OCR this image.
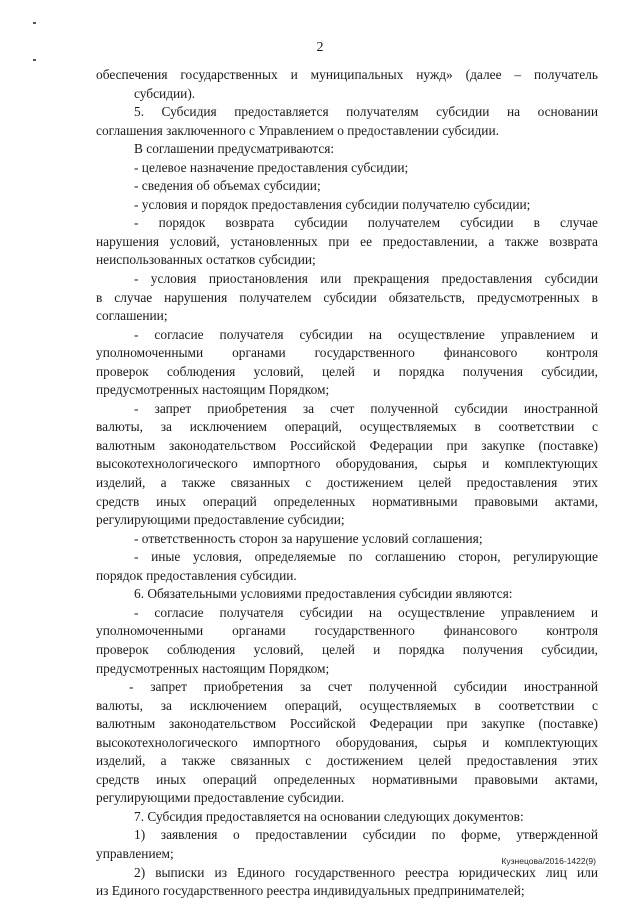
2
обеспечения государственных и муниципальных нужд» (далее – получатель
субсидии).
5. Субсидия предоставляется получателям субсидии на основании
соглашения заключенного с Управлением о предоставлении субсидии.
В соглашении предусматриваются:
- целевое назначение предоставления субсидии;
- сведения об объемах субсидии;
- условия и порядок предоставления субсидии получателю субсидии;
- порядок возврата субсидии получателем субсидии в случае
нарушения условий, установленных при ее предоставлении, а также возврата
неиспользованных остатков субсидии;
- условия приостановления или прекращения предоставления субсидии
в случае нарушения получателем субсидии обязательств, предусмотренных в
соглашении;
- согласие получателя субсидии на осуществление управлением и
уполномоченными органами государственного финансового контроля
проверок соблюдения условий, целей и порядка получения субсидии,
предусмотренных настоящим Порядком;
- запрет приобретения за счет полученной субсидии иностранной
валюты, за исключением операций, осуществляемых в соответствии с
валютным законодательством Российской Федерации при закупке (поставке)
высокотехнологического импортного оборудования, сырья и комплектующих
изделий, а также связанных с достижением целей предоставления этих
средств иных операций определенных нормативными правовыми актами,
регулирующими предоставление субсидии;
- ответственность сторон за нарушение условий соглашения;
- иные условия, определяемые по соглашению сторон, регулирующие
порядок предоставления субсидии.
6. Обязательными условиями предоставления субсидии являются:
- согласие получателя субсидии на осуществление управлением и
уполномоченными органами государственного финансового контроля
проверок соблюдения условий, целей и порядка получения субсидии,
предусмотренных настоящим Порядком;
- запрет приобретения за счет полученной субсидии иностранной
валюты, за исключением операций, осуществляемых в соответствии с
валютным законодательством Российской Федерации при закупке (поставке)
высокотехнологического импортного оборудования, сырья и комплектующих
изделий, а также связанных с достижением целей предоставления этих
средств иных операций определенных нормативными правовыми актами,
регулирующими предоставление субсидии.
7. Субсидия предоставляется на основании следующих документов:
1) заявления о предоставлении субсидии по форме, утвержденной
управлением;
2) выписки из Единого государственного реестра юридических лиц или
из Единого государственного реестра индивидуальных предпринимателей;
Кузнецова/2016-1422(9)
